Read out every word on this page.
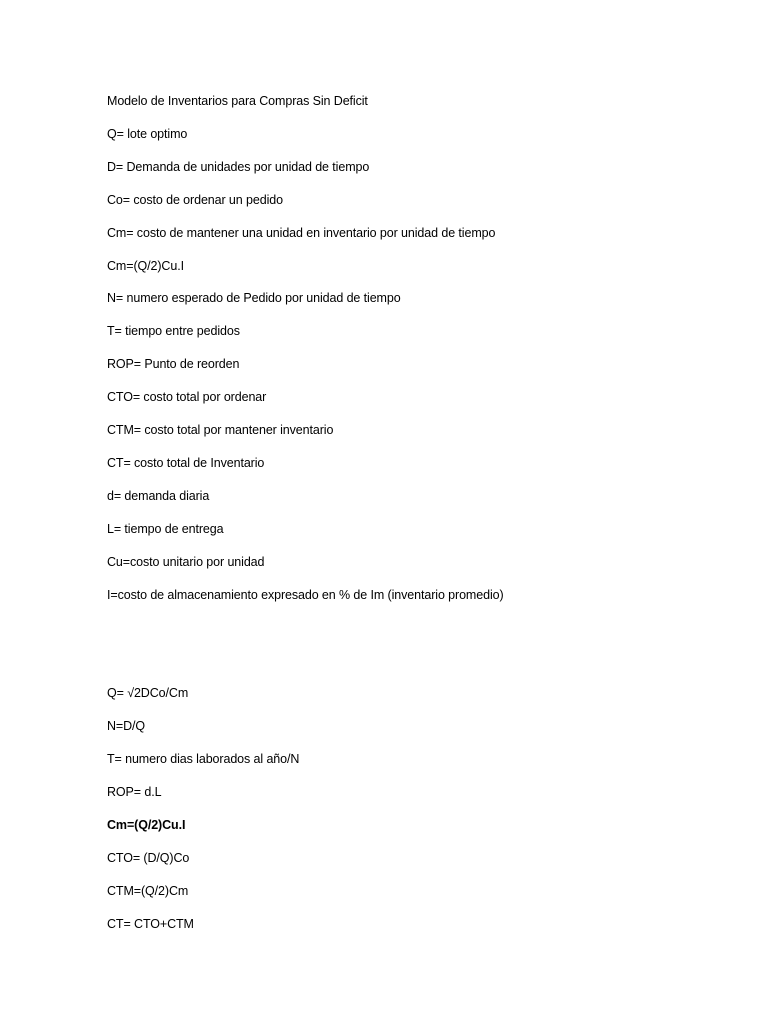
Modelo de Inventarios para Compras Sin Deficit
Q= lote optimo
D= Demanda de unidades por unidad de tiempo
Co= costo de ordenar un pedido
Cm= costo de mantener una unidad en inventario por unidad de tiempo
Cm=(Q/2)Cu.I
N= numero esperado de Pedido por unidad de tiempo
T= tiempo entre pedidos
ROP= Punto de reorden
CTO= costo total por ordenar
CTM= costo total por mantener inventario
CT= costo total de Inventario
d= demanda diaria
L= tiempo de entrega
Cu=costo unitario por unidad
I=costo de almacenamiento expresado en % de Im (inventario promedio)
Q= √2DCo/Cm
N=D/Q
T= numero dias laborados al año/N
ROP= d.L
Cm=(Q/2)Cu.I
CTO= (D/Q)Co
CTM=(Q/2)Cm
CT= CTO+CTM
